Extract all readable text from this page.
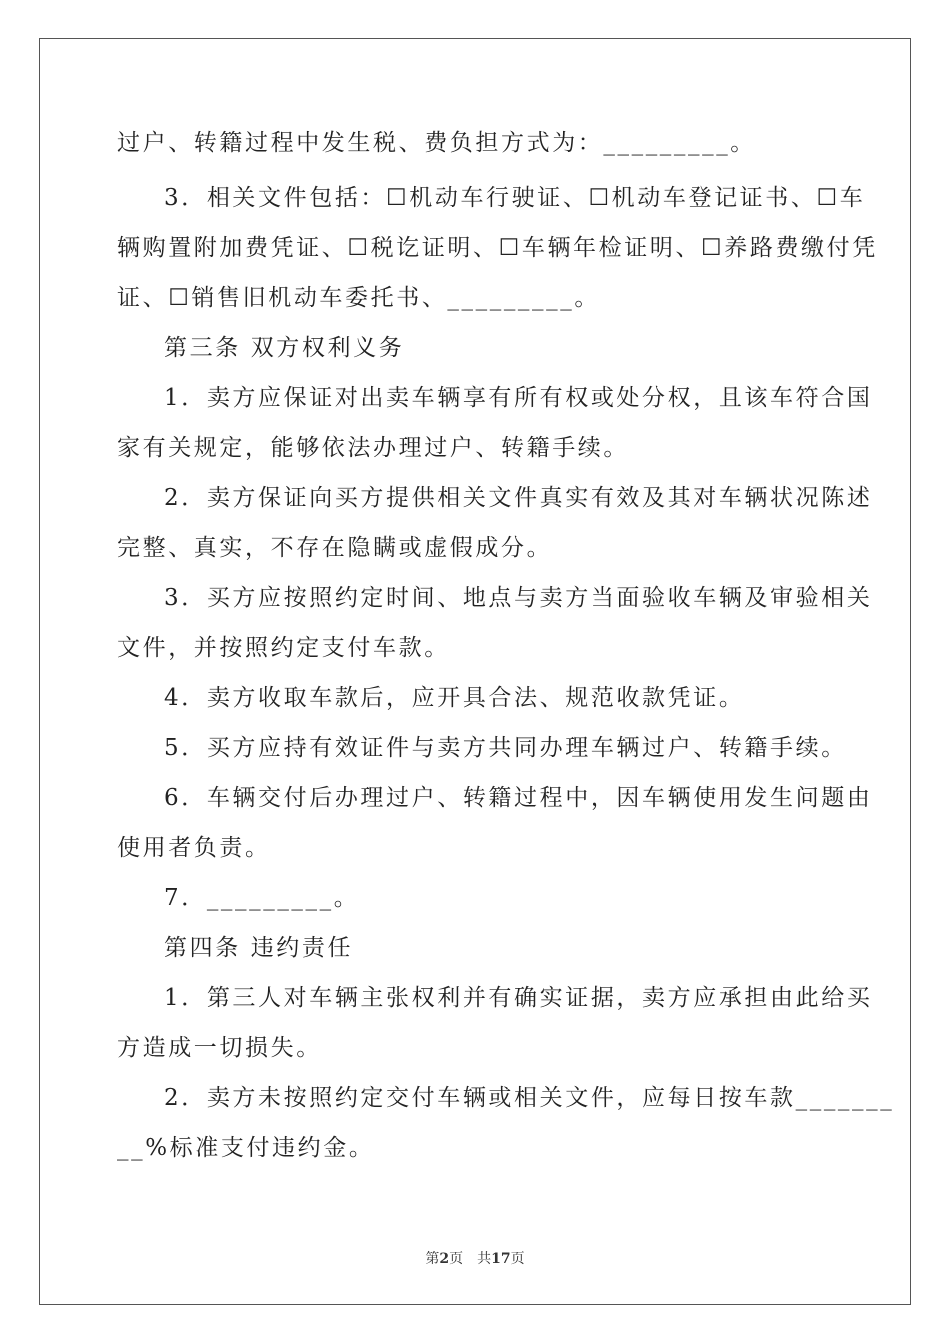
过户、转籍过程中发生税、费负担方式为：_________。
3．相关文件包括：☐机动车行驶证、☐机动车登记证书、☐车
辆购置附加费凭证、☐税讫证明、☐车辆年检证明、☐养路费缴付凭
证、☐销售旧机动车委托书、_________。
第三条 双方权利义务
1．卖方应保证对出卖车辆享有所有权或处分权，且该车符合国
家有关规定，能够依法办理过户、转籍手续。
2．卖方保证向买方提供相关文件真实有效及其对车辆状况陈述
完整、真实，不存在隐瞒或虚假成分。
3．买方应按照约定时间、地点与卖方当面验收车辆及审验相关
文件，并按照约定支付车款。
4．卖方收取车款后，应开具合法、规范收款凭证。
5．买方应持有效证件与卖方共同办理车辆过户、转籍手续。
6．车辆交付后办理过户、转籍过程中，因车辆使用发生问题由
使用者负责。
7．_________。
第四条 违约责任
1．第三人对车辆主张权利并有确实证据，卖方应承担由此给买
方造成一切损失。
2．卖方未按照约定交付车辆或相关文件，应每日按车款_______
__%标准支付违约金。
第2页　共17页
